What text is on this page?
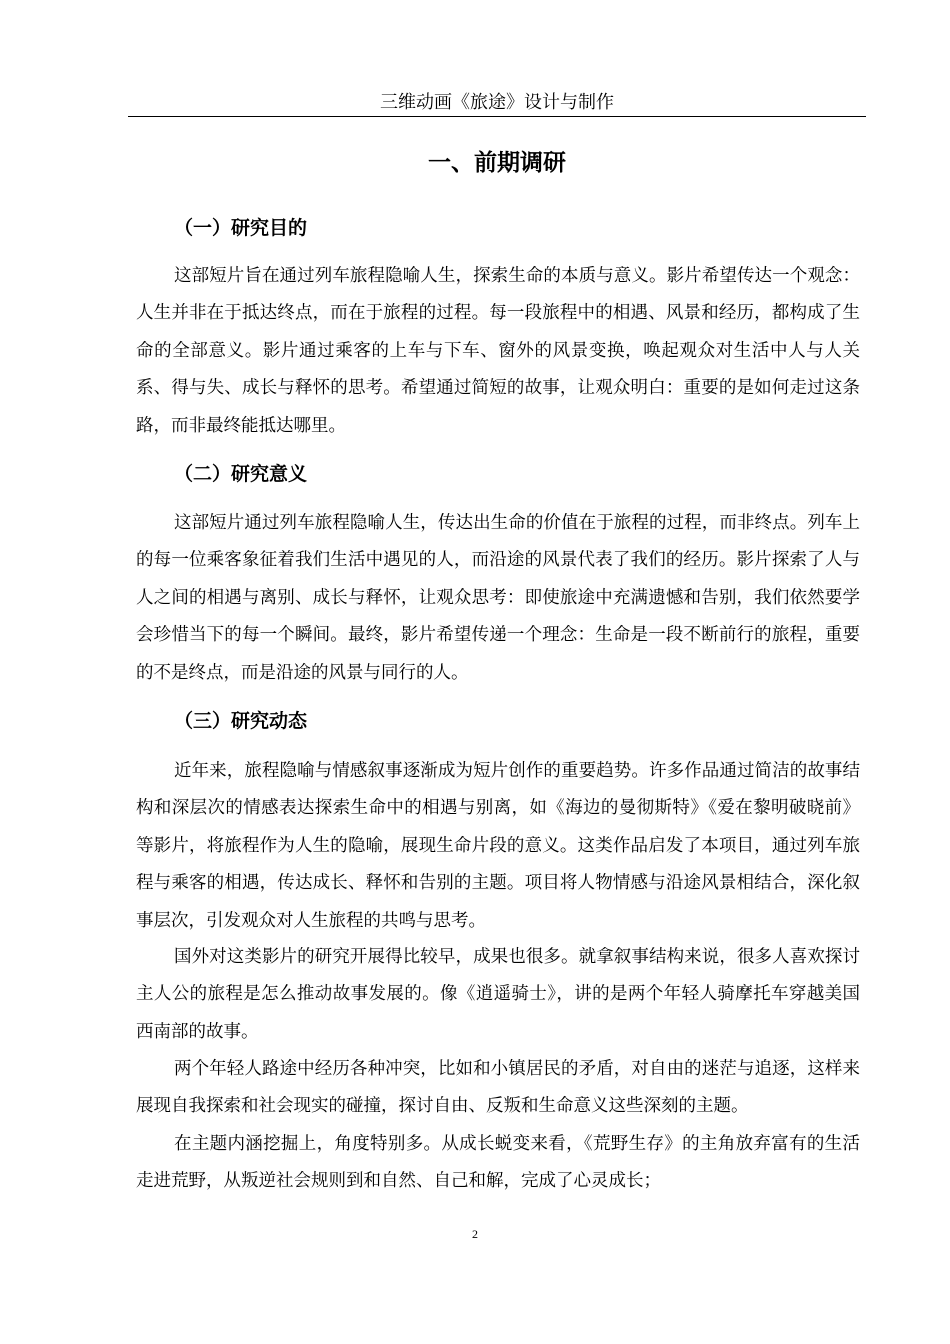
三维动画《旅途》设计与制作
一、前期调研
（一）研究目的

这部短片旨在通过列车旅程隐喻人生，探索生命的本质与意义。影片希望传达一个观念：人生并非在于抵达终点，而在于旅程的过程。每一段旅程中的相遇、风景和经历，都构成了生命的全部意义。影片通过乘客的上车与下车、窗外的风景变换，唤起观众对生活中人与人关系、得与失、成长与释怀的思考。希望通过简短的故事，让观众明白：重要的是如何走过这条路，而非最终能抵达哪里。

（二）研究意义

这部短片通过列车旅程隐喻人生，传达出生命的价值在于旅程的过程，而非终点。列车上的每一位乘客象征着我们生活中遇见的人，而沿途的风景代表了我们的经历。影片探索了人与人之间的相遇与离别、成长与释怀，让观众思考：即使旅途中充满遗憾和告别，我们依然要学会珍惜当下的每一个瞬间。最终，影片希望传递一个理念：生命是一段不断前行的旅程，重要的不是终点，而是沿途的风景与同行的人。

（三）研究动态

近年来，旅程隐喻与情感叙事逐渐成为短片创作的重要趋势。许多作品通过简洁的故事结构和深层次的情感表达探索生命中的相遇与别离，如《海边的曼彻斯特》《爱在黎明破晓前》等影片，将旅程作为人生的隐喻，展现生命片段的意义。这类作品启发了本项目，通过列车旅程与乘客的相遇，传达成长、释怀和告别的主题。项目将人物情感与沿途风景相结合，深化叙事层次，引发观众对人生旅程的共鸣与思考。

国外对这类影片的研究开展得比较早，成果也很多。就拿叙事结构来说，很多人喜欢探讨主人公的旅程是怎么推动故事发展的。像《逍遥骑士》，讲的是两个年轻人骑摩托车穿越美国西南部的故事。

两个年轻人路途中经历各种冲突，比如和小镇居民的矛盾，对自由的迷茫与追逐，这样来展现自我探索和社会现实的碰撞，探讨自由、反叛和生命意义这些深刻的主题。

在主题内涵挖掘上，角度特别多。从成长蜕变来看，《荒野生存》的主角放弃富有的生活走进荒野，从叛逆社会规则到和自然、自己和解，完成了心灵成长；

2
